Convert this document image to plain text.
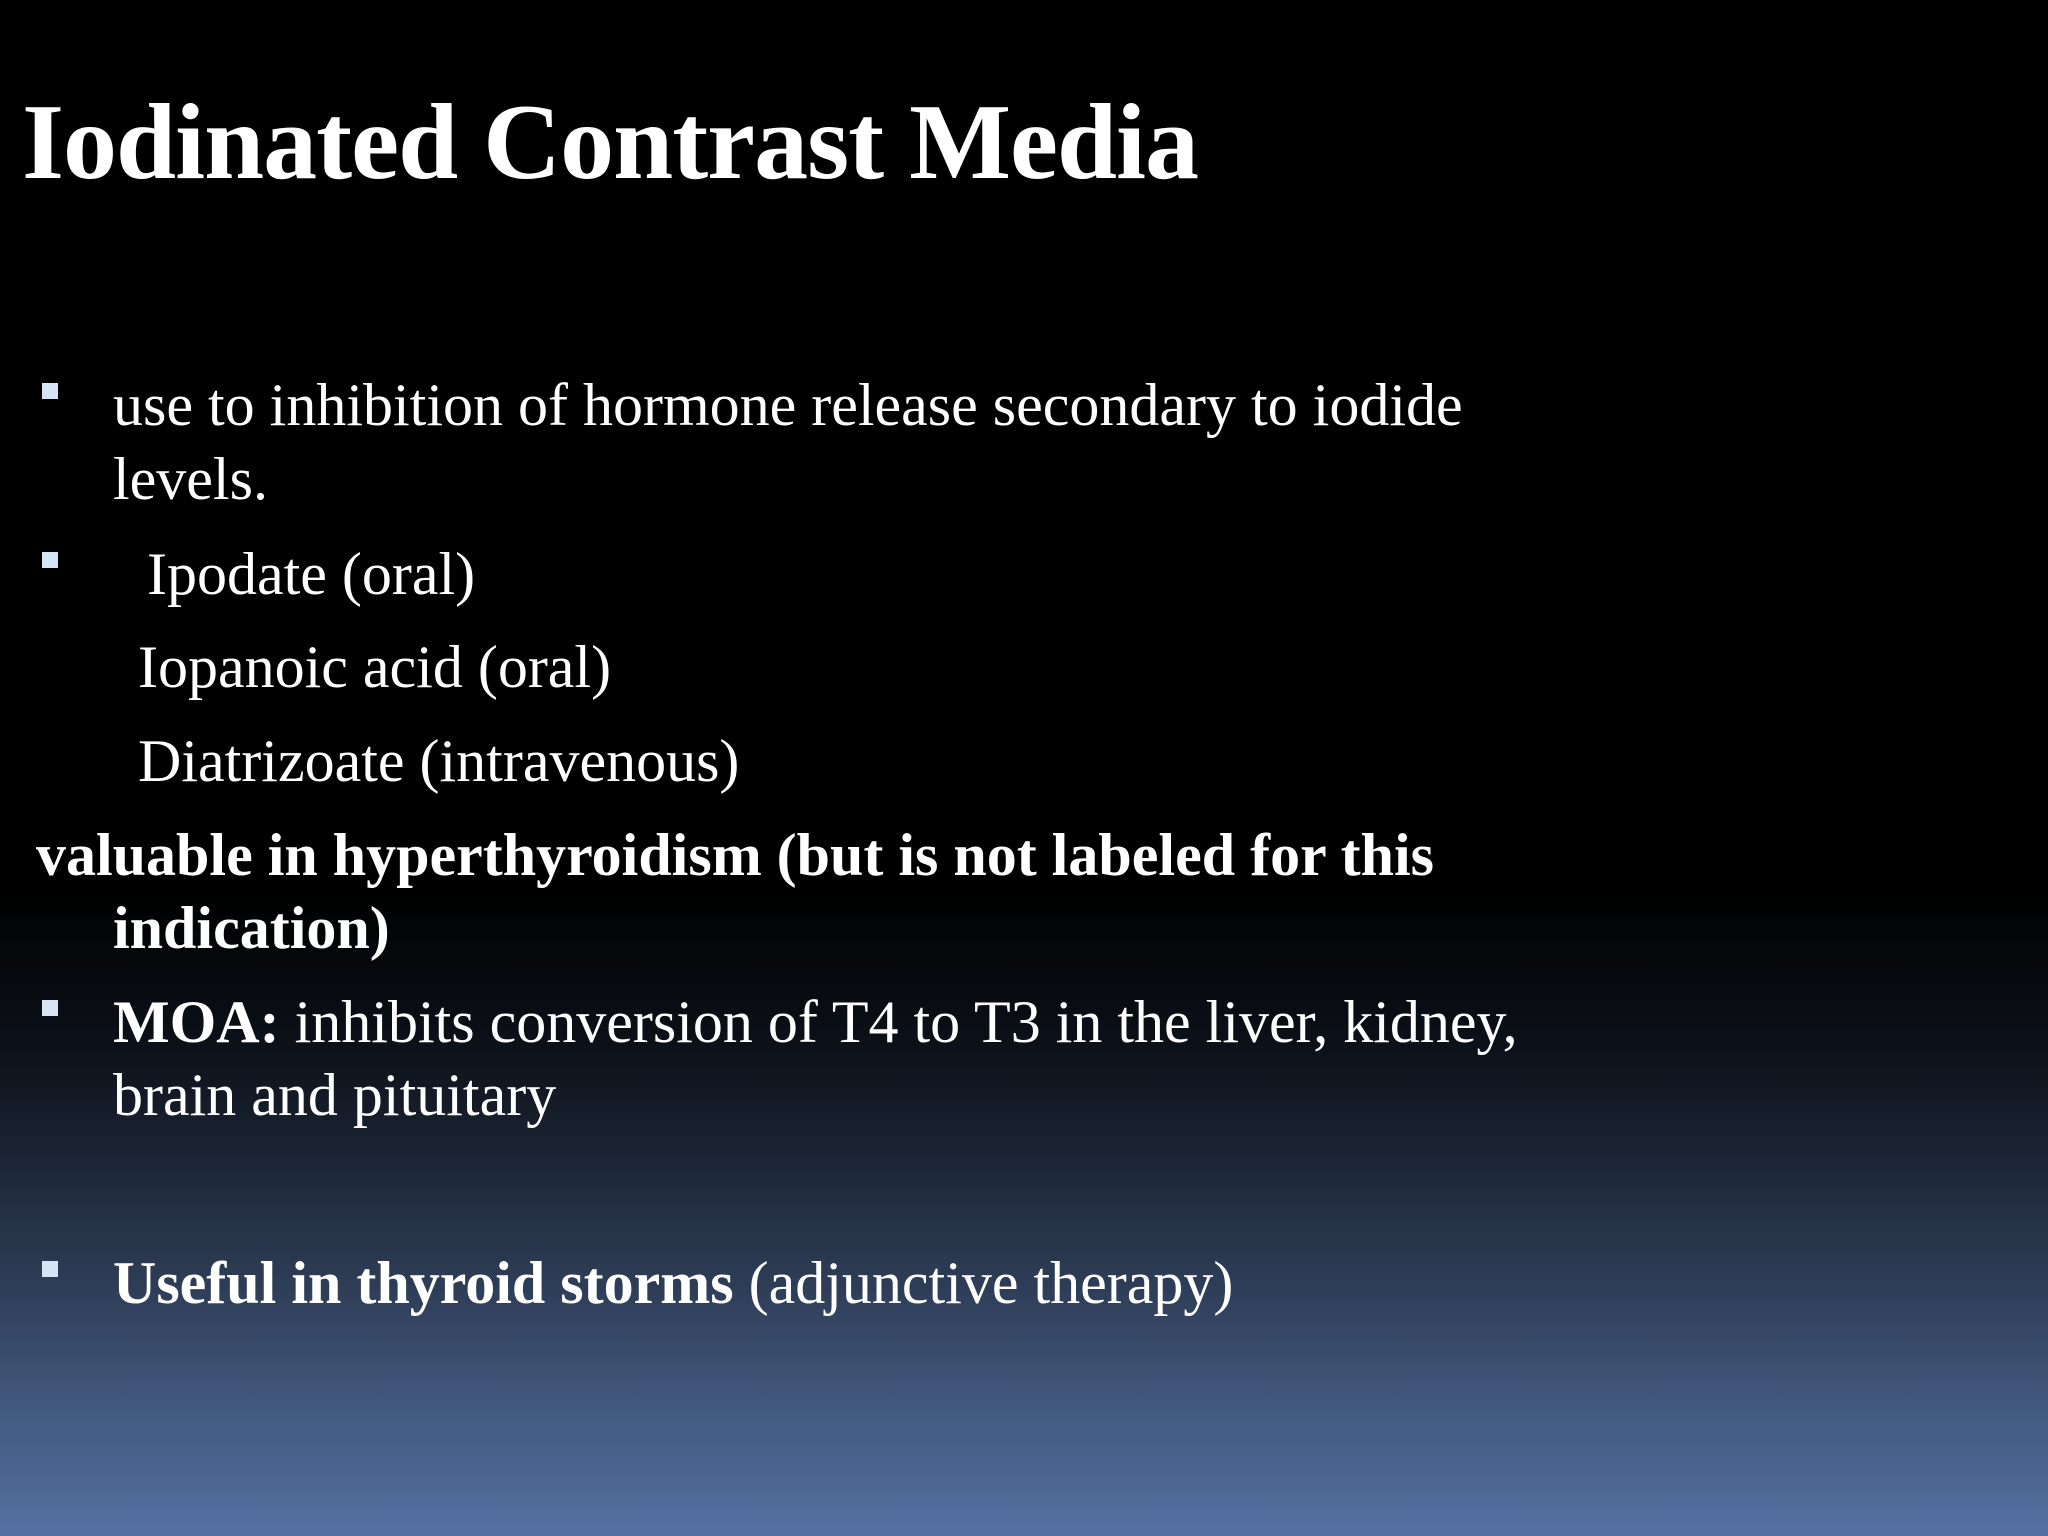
Iodinated Contrast Media

use to inhibition of hormone release secondary to iodide

levels.

Ipodate (oral)

Iopanoic acid (oral)

Diatrizoate (intravenous)

valuable in hyperthyroidism (but is not labeled for this

indication)

MOA: inhibits conversion of T4 to T3 in the liver, kidney,

brain and pituitary

Useful in thyroid storms (adjunctive therapy)
